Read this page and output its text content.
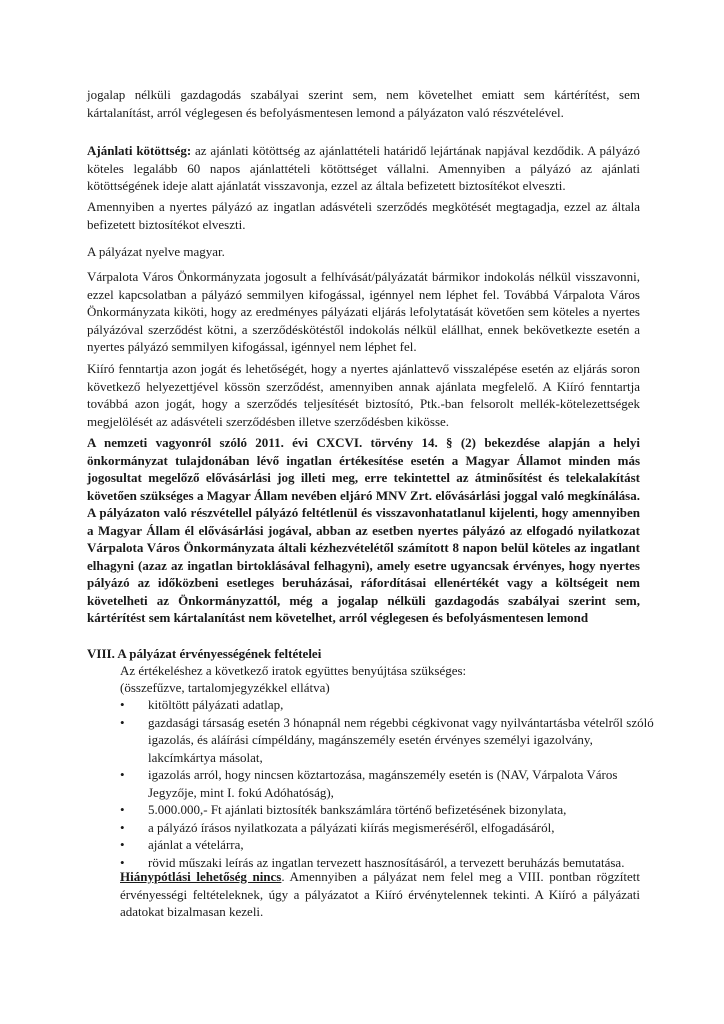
jogalap nélküli gazdagodás szabályai szerint sem, nem követelhet emiatt sem kártérítést, sem kártalanítást, arról véglegesen és befolyásmentesen lemond a pályázaton való részvételével.

Ajánlati kötöttség: az ajánlati kötöttség az ajánlattételi határidő lejártának napjával kezdődik. A pályázó köteles legalább 60 napos ajánlattételi kötöttséget vállalni. Amennyiben a pályázó az ajánlati kötöttségének ideje alatt ajánlatát visszavonja, ezzel az általa befizetett biztosítékot elveszti.

Amennyiben a nyertes pályázó az ingatlan adásvételi szerződés megkötését megtagadja, ezzel az általa befizetett biztosítékot elveszti.

A pályázat nyelve magyar.

Várpalota Város Önkormányzata jogosult a felhívását/pályázatát bármikor indokolás nélkül visszavonni, ezzel kapcsolatban a pályázó semmilyen kifogással, igénnyel nem léphet fel. Továbbá Várpalota Város Önkormányzata kiköti, hogy az eredményes pályázati eljárás lefolytatását követően sem köteles a nyertes pályázóval szerződést kötni, a szerződéskötéstől indokolás nélkül elállhat, ennek bekövetkezte esetén a nyertes pályázó semmilyen kifogással, igénnyel nem léphet fel.

Kiíró fenntartja azon jogát és lehetőségét, hogy a nyertes ajánlattevő visszalépése esetén az eljárás soron következő helyezettjével kössön szerződést, amennyiben annak ajánlata megfelelő. A Kiíró fenntartja továbbá azon jogát, hogy a szerződés teljesítését biztosító, Ptk.-ban felsorolt mellék-kötelezettségek megjelölését az adásvételi szerződésben illetve szerződésben kikösse.

A nemzeti vagyonról szóló 2011. évi CXCVI. törvény 14. § (2) bekezdése alapján a helyi önkormányzat tulajdonában lévő ingatlan értékesítése esetén a Magyar Államot minden más jogosultat megelőző elővásárlási jog illeti meg, erre tekintettel az átminősítést és telekalakítást követően szükséges a Magyar Állam nevében eljáró MNV Zrt. elővásárlási joggal való megkínálása. A pályázaton való részvétellel pályázó feltétlenül és visszavonhatatlanul kijelenti, hogy amennyiben a Magyar Állam él elővásárlási jogával, abban az esetben nyertes pályázó az elfogadó nyilatkozat Várpalota Város Önkormányzata általi kézhezvételétől számított 8 napon belül köteles az ingatlant elhagyni (azaz az ingatlan birtoklásával felhagyni), amely esetre ugyancsak érvényes, hogy nyertes pályázó az időközbeni esetleges beruházásai, ráfordításai ellenértékét vagy a költségeit nem követelheti az Önkormányzattól, még a jogalap nélküli gazdagodás szabályai szerint sem, kártérítést sem kártalanítást nem követelhet, arról véglegesen és befolyásmentesen lemond

VIII. A pályázat érvényességének feltételei

Az értékeléshez a következő iratok együttes benyújtása szükséges:

(összefűzve, tartalomjegyzékkel ellátva)

• kitöltött pályázati adatlap,
• gazdasági társaság esetén 3 hónapnál nem régebbi cégkivonat vagy nyilvántartásba vételről szóló igazolás, és aláírási címpéldány, magánszemély esetén érvényes személyi igazolvány, lakcímkártya másolat,
• igazolás arról, hogy nincsen köztartozása, magánszemély esetén is (NAV, Várpalota Város Jegyzője, mint I. fokú Adóhatóság),
• 5.000.000,- Ft ajánlati biztosíték bankszámlára történő befizetésének bizonylata,
• a pályázó írásos nyilatkozata a pályázati kiírás megismeréséről, elfogadásáról,
• ajánlat a vételárra,
• rövid műszaki leírás az ingatlan tervezett hasznosításáról, a tervezett beruházás bemutatása.

Hiánypótlási lehetőség nincs. Amennyiben a pályázat nem felel meg a VIII. pontban rögzített érvényességi feltételeknek, úgy a pályázatot a Kiíró érvénytelennek tekinti. A Kiíró a pályázati adatokat bizalmasan kezeli.
